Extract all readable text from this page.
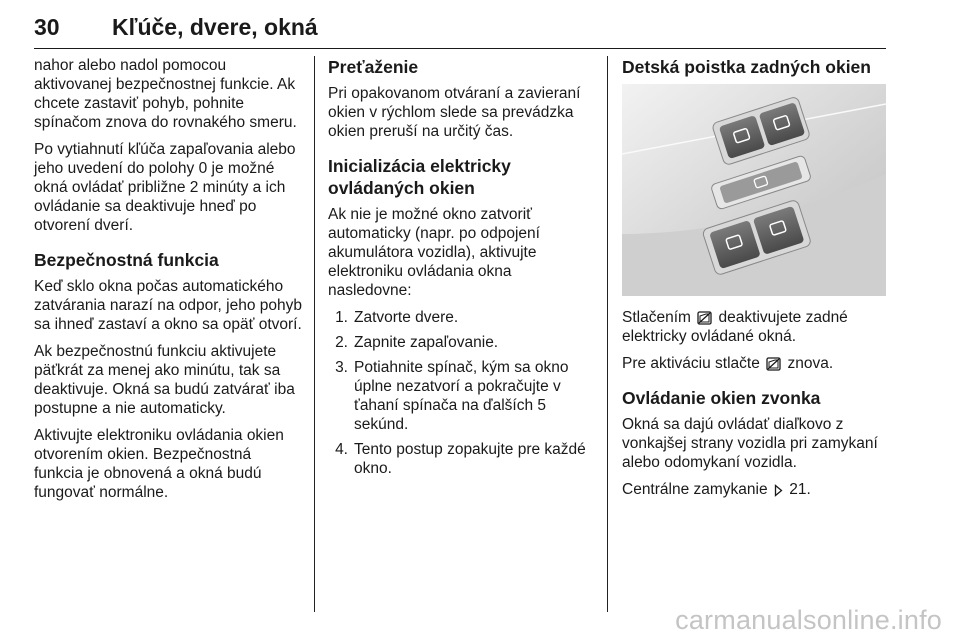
30 Kľúče, dvere, okná

nahor alebo nadol pomocou aktivovanej bezpečnostnej funkcie. Ak chcete zastaviť pohyb, pohnite spínačom znova do rovnakého smeru.

Po vytiahnutí kľúča zapaľovania alebo jeho uvedení do polohy 0 je možné okná ovládať približne 2 minúty a ich ovládanie sa deaktivuje hneď po otvorení dverí.

Bezpečnostná funkcia

Keď sklo okna počas automatického zatvárania narazí na odpor, jeho pohyb sa ihneď zastaví a okno sa opäť otvorí.

Ak bezpečnostnú funkciu aktivujete päťkrát za menej ako minútu, tak sa deaktivuje. Okná sa budú zatvárať iba postupne a nie automaticky.

Aktivujte elektroniku ovládania okien otvorením okien. Bezpečnostná funkcia je obnovená a okná budú fungovať normálne.

Preťaženie

Pri opakovanom otváraní a zavieraní okien v rýchlom slede sa prevádzka okien preruší na určitý čas.

Inicializácia elektricky ovládaných okien

Ak nie je možné okno zatvoriť automaticky (napr. po odpojení akumulátora vozidla), aktivujte elektroniku ovládania okna nasledovne:

1. Zatvorte dvere.
2. Zapnite zapaľovanie.
3. Potiahnite spínač, kým sa okno úplne nezatvorí a pokračujte v ťahaní spínača na ďalších 5 sekúnd.
4. Tento postup zopakujte pre každé okno.
Detská poistka zadných okien

Stlačením deaktivujete zadné elektricky ovládané okná.

Pre aktiváciu stlačte znova.

Ovládanie okien zvonka

Okná sa dajú ovládať diaľkovo z vonkajšej strany vozidla pri zamykaní alebo odomykaní vozidla.

Centrálne zamykanie 21.

carmanualsonline.info
